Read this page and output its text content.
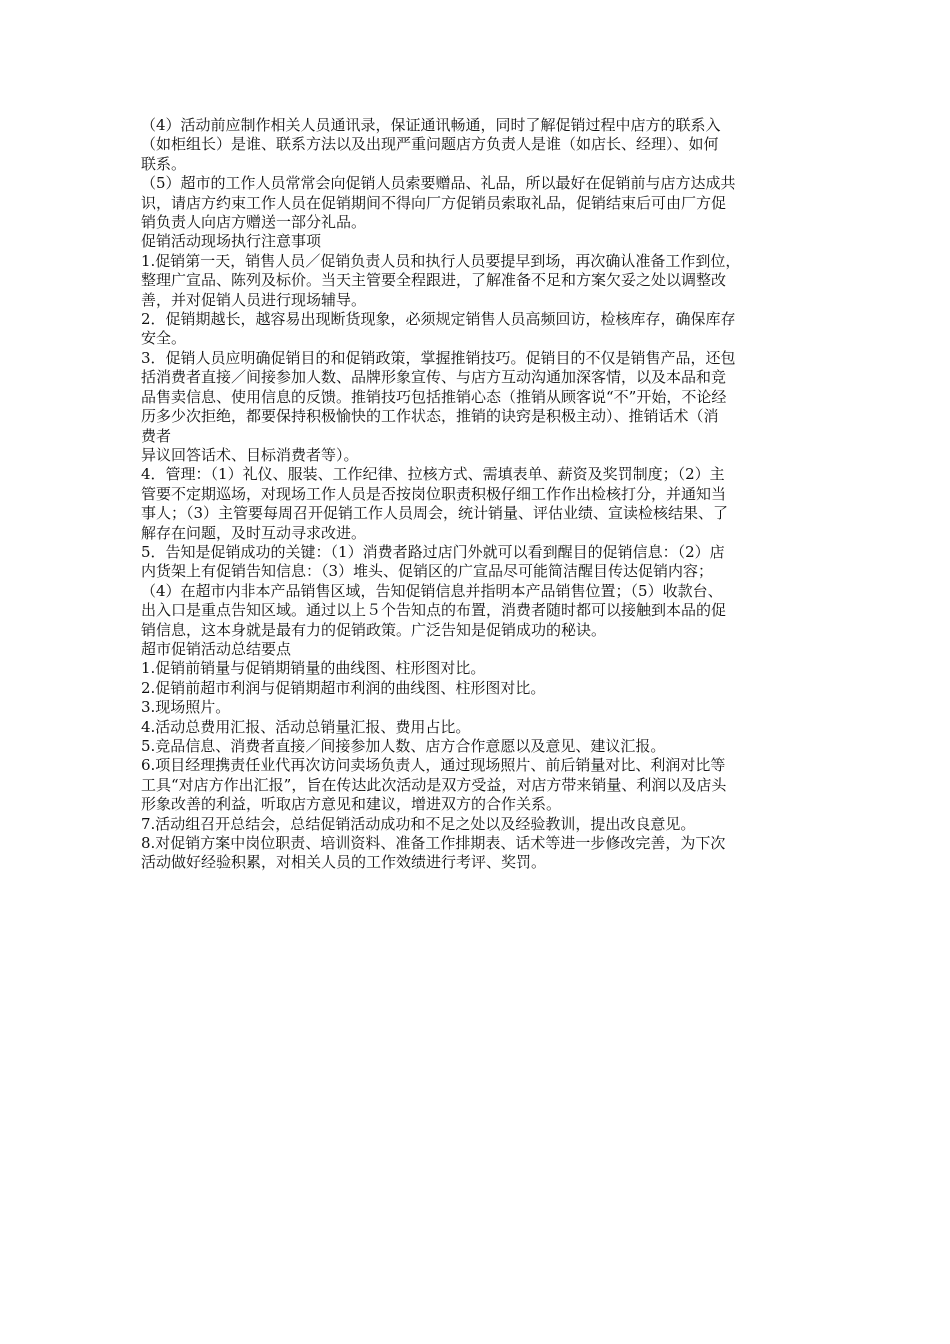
（4）活动前应制作相关人员通讯录，保证通讯畅通，同时了解促销过程中店方的联系入
（如柜组长）是谁、联系方法以及出现严重问题店方负责人是谁（如店长、经理）、如何
联系。

（5）超市的工作人员常常会向促销人员索要赠品、礼品，所以最好在促销前与店方达成共
识，请店方约束工作人员在促销期间不得向厂方促销员索取礼品，促销结束后可由厂方促
销负责人向店方赠送一部分礼品。

促销活动现场执行注意事项

1.促销第一天，销售人员／促销负责人员和执行人员要提早到场，再次确认准备工作到位，
整理广宣品、陈列及标价。当天主管要全程跟进，了解准备不足和方案欠妥之处以调整改
善，并对促销人员进行现场辅导。

2．促销期越长，越容易出现断货现象，必须规定销售人员高频回访，检核库存，确保库存
安全。

3．促销人员应明确促销目的和促销政策，掌握推销技巧。促销目的不仅是销售产品，还包
括消费者直接／间接参加人数、品牌形象宣传、与店方互动沟通加深客情，以及本品和竞
品售卖信息、使用信息的反馈。推销技巧包括推销心态（推销从顾客说“不”开始，不论经
历多少次拒绝，都要保持积极愉快的工作状态，推销的诀窍是积极主动）、推销话术（消
费者
异议回答话术、目标消费者等）。

4．管理：（1）礼仪、服装、工作纪律、拉核方式、需填表单、薪资及奖罚制度；（2）主
管要不定期巡场，对现场工作人员是否按岗位职责积极仔细工作作出检核打分，并通知当
事人；（3）主管要每周召开促销工作人员周会，统计销量、评估业绩、宣读检核结果、了
解存在问题，及时互动寻求改进。

5．告知是促销成功的关键：（1）消费者路过店门外就可以看到醒目的促销信息：（2）店
内货架上有促销告知信息：（3）堆头、促销区的广宣品尽可能简洁醒目传达促销内容；
（4）在超市内非本产品销售区域，告知促销信息并指明本产品销售位置；（5）收款台、
出入口是重点告知区域。通过以上５个告知点的布置，消费者随时都可以接触到本品的促
销信息，这本身就是最有力的促销政策。广泛告知是促销成功的秘诀。

超市促销活动总结要点

1.促销前销量与促销期销量的曲线图、柱形图对比。

2.促销前超市利润与促销期超市利润的曲线图、柱形图对比。

3.现场照片。

4.活动总费用汇报、活动总销量汇报、费用占比。

5.竞品信息、消费者直接／间接参加人数、店方合作意愿以及意见、建议汇报。

6.项目经理携责任业代再次访问卖场负责人，通过现场照片、前后销量对比、利润对比等
工具“对店方作出汇报”，旨在传达此次活动是双方受益，对店方带来销量、利润以及店头
形象改善的利益，听取店方意见和建议，增进双方的合作关系。

7.活动组召开总结会，总结促销活动成功和不足之处以及经验教训，提出改良意见。

8.对促销方案中岗位职责、培训资料、准备工作排期表、话术等进一步修改完善，为下次
活动做好经验积累，对相关人员的工作效绩进行考评、奖罚。
